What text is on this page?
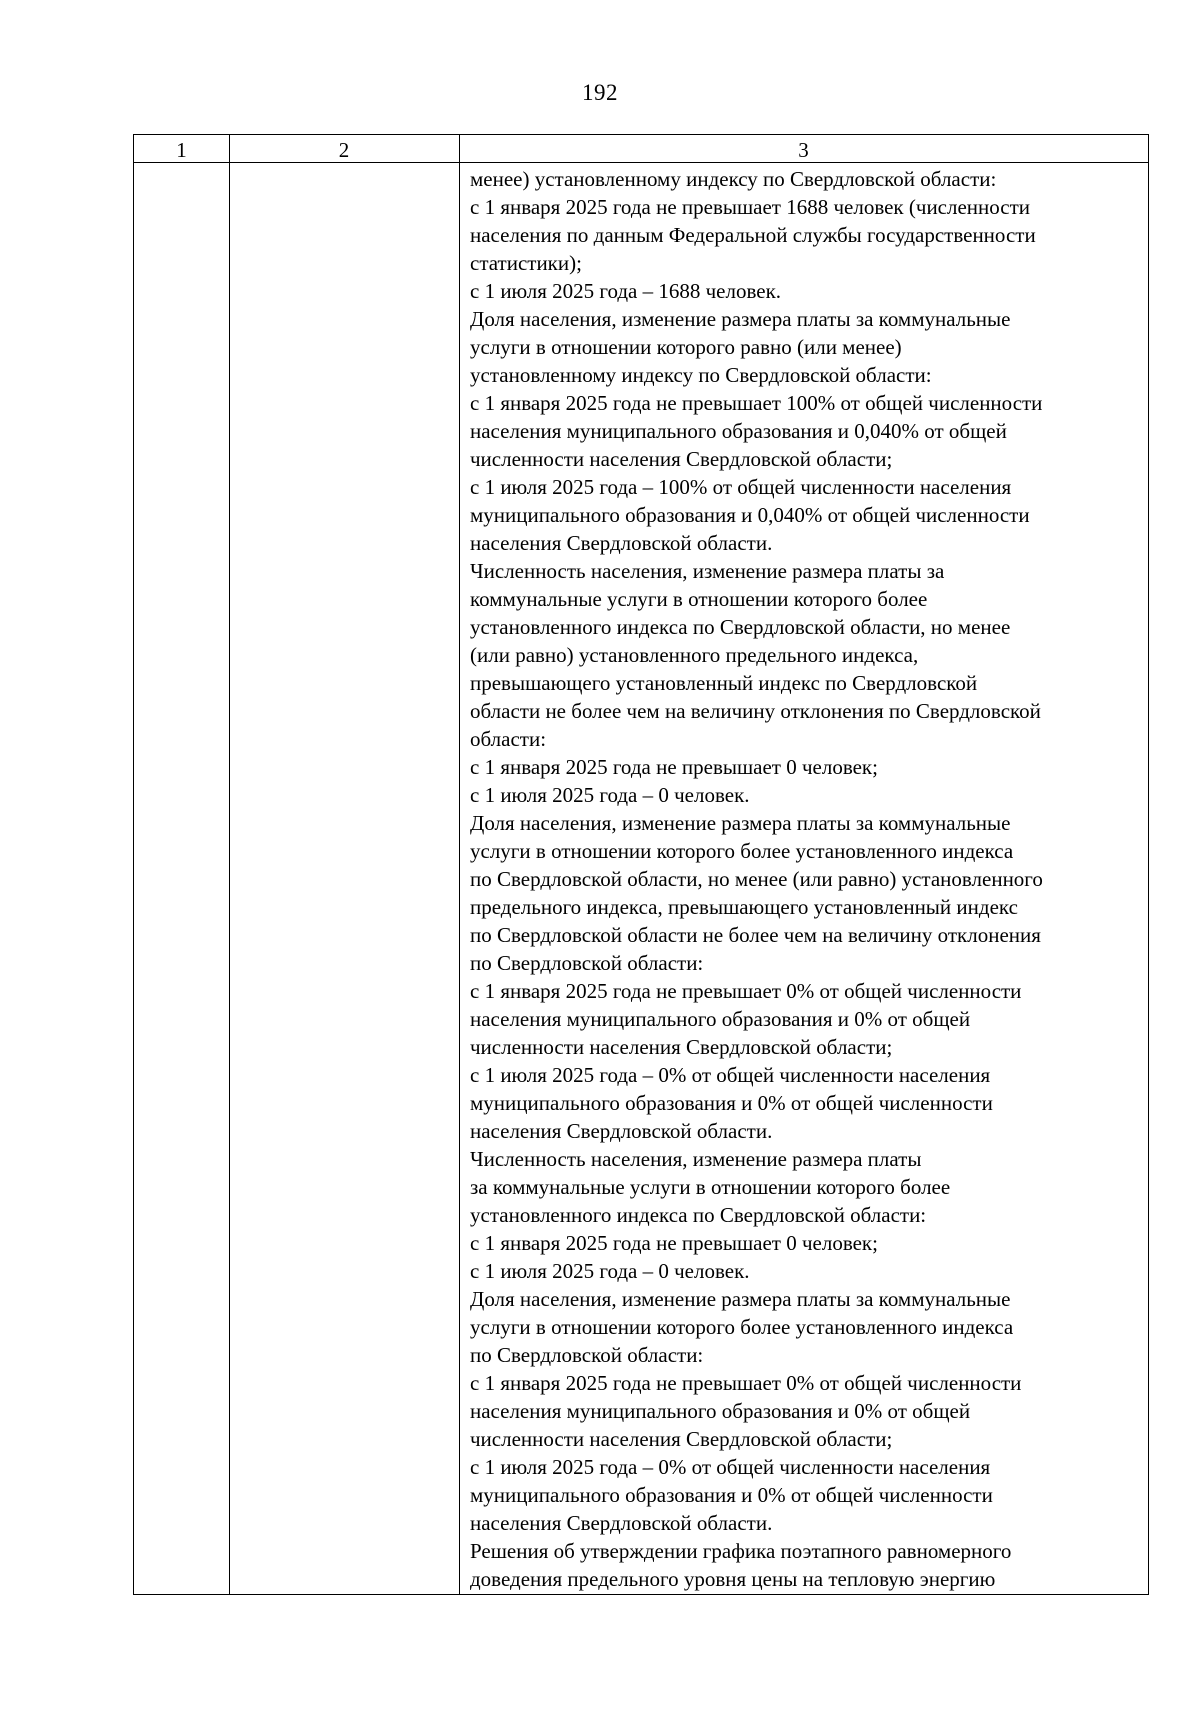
192
1	2	3
менее) установленному индексу по Свердловской области:
с 1 января 2025 года не превышает 1688 человек (численности
населения по данным Федеральной службы государственности
статистики);
с 1 июля 2025 года – 1688 человек.
Доля населения, изменение размера платы за коммунальные
услуги в отношении которого равно (или менее)
установленному индексу по Свердловской области:
с 1 января 2025 года не превышает 100% от общей численности
населения муниципального образования и 0,040% от общей
численности населения Свердловской области;
с 1 июля 2025 года – 100% от общей численности населения
муниципального образования и 0,040% от общей численности
населения Свердловской области.
Численность населения, изменение размера платы за
коммунальные услуги в отношении которого более
установленного индекса по Свердловской области, но менее
(или равно) установленного предельного индекса,
превышающего установленный индекс по Свердловской
области не более чем на величину отклонения по Свердловской
области:
с 1 января 2025 года не превышает 0 человек;
с 1 июля 2025 года – 0 человек.
Доля населения, изменение размера платы за коммунальные
услуги в отношении которого более установленного индекса
по Свердловской области, но менее (или равно) установленного
предельного индекса, превышающего установленный индекс
по Свердловской области не более чем на величину отклонения
по Свердловской области:
с 1 января 2025 года не превышает 0% от общей численности
населения муниципального образования и 0% от общей
численности населения Свердловской области;
с 1 июля 2025 года – 0% от общей численности населения
муниципального образования и 0% от общей численности
населения Свердловской области.
Численность населения, изменение размера платы
за коммунальные услуги в отношении которого более
установленного индекса по Свердловской области:
с 1 января 2025 года не превышает 0 человек;
с 1 июля 2025 года – 0 человек.
Доля населения, изменение размера платы за коммунальные
услуги в отношении которого более установленного индекса
по Свердловской области:
с 1 января 2025 года не превышает 0% от общей численности
населения муниципального образования и 0% от общей
численности населения Свердловской области;
с 1 июля 2025 года – 0% от общей численности населения
муниципального образования и 0% от общей численности
населения Свердловской области.
Решения об утверждении графика поэтапного равномерного
доведения предельного уровня цены на тепловую энергию
